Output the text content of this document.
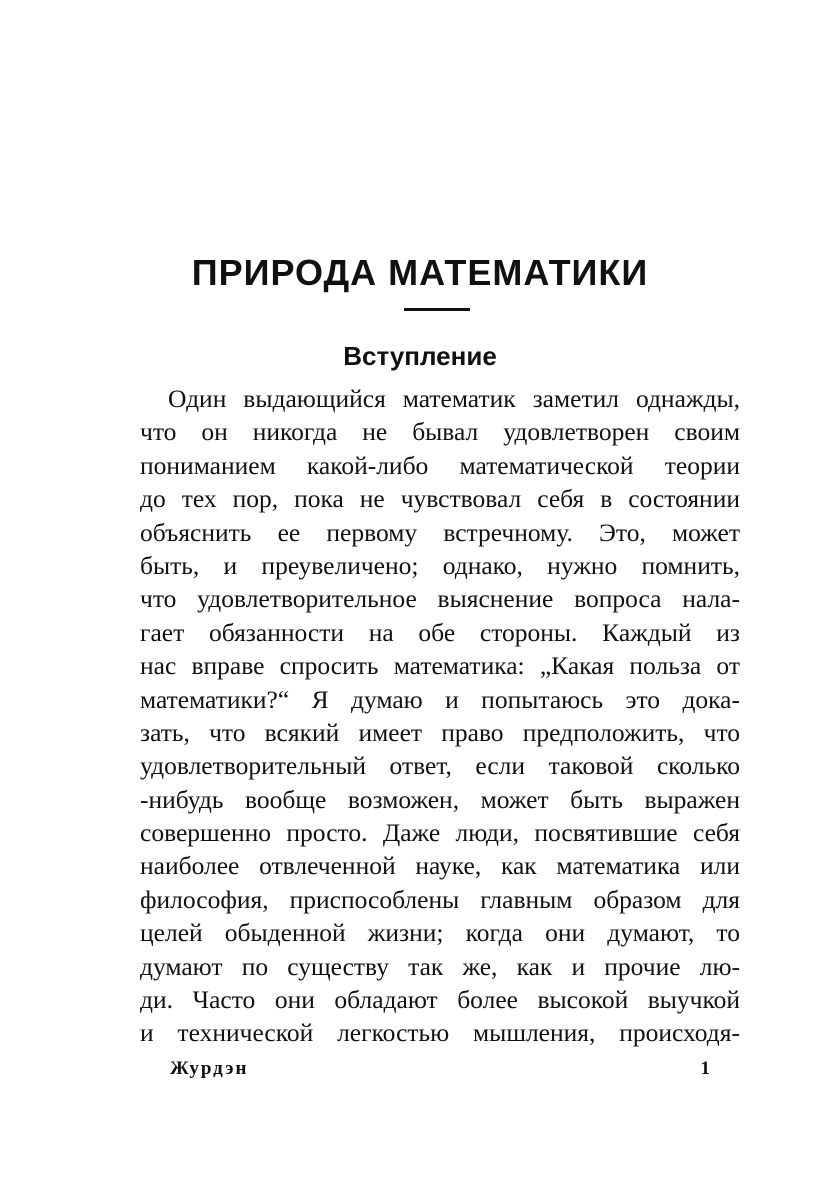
ПРИРОДА МАТЕМАТИКИ
Вступление
Один выдающийся математик заметил однажды,
что он никогда не бывал удовлетворен своим
пониманием какой-либо математической теории
до тех пор, пока не чувствовал себя в состоянии
объяснить ее первому встречному. Это, может
быть, и преувеличено; однако, нужно помнить,
что удовлетворительное выяснение вопроса нала-
гает обязанности на обе стороны. Каждый из
нас вправе спросить математика: „Какая польза от
математики?“ Я думаю и попытаюсь это дока-
зать, что всякий имеет право предположить, что
удовлетворительный ответ, если таковой сколько
-нибудь вообще возможен, может быть выражен
совершенно просто. Даже люди, посвятившие себя
наиболее отвлеченной науке, как математика или
философия, приспособлены главным образом для
целей обыденной жизни; когда они думают, то
думают по существу так же, как и прочие лю-
ди. Часто они обладают более высокой выучкой
и технической легкостью мышления, происходя-
Журдэн	1
